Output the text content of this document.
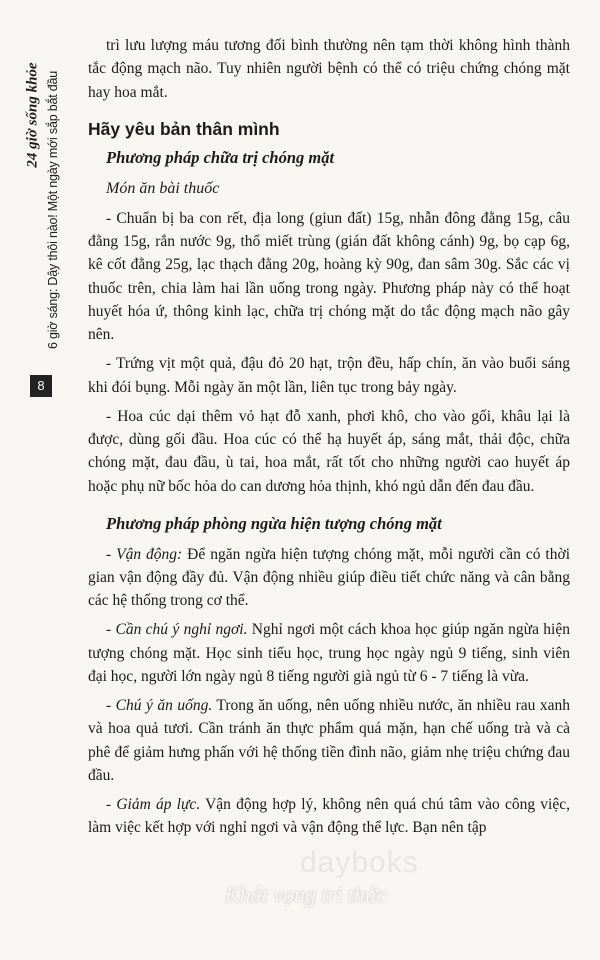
24 giờ sống khỏe 6 giờ sáng: Dậy thôi nào! Một ngày mới sắp bắt đầu
8

trì lưu lượng máu tương đối bình thường nên tạm thời không hình thành tắc động mạch não. Tuy nhiên người bệnh có thể có triệu chứng chóng mặt hay hoa mắt.

Hãy yêu bản thân mình

Phương pháp chữa trị chóng mặt

Món ăn bài thuốc

- Chuẩn bị ba con rết, địa long (giun đất) 15g, nhẫn đông đằng 15g, câu đằng 15g, rắn nước 9g, thổ miết trùng (gián đất không cánh) 9g, bọ cạp 6g, kê cốt đằng 25g, lạc thạch đằng 20g, hoàng kỳ 90g, đan sâm 30g. Sắc các vị thuốc trên, chia làm hai lần uống trong ngày. Phương pháp này có thể hoạt huyết hóa ứ, thông kinh lạc, chữa trị chóng mặt do tắc động mạch não gây nên.

- Trứng vịt một quả, đậu đỏ 20 hạt, trộn đều, hấp chín, ăn vào buổi sáng khi đói bụng. Mỗi ngày ăn một lần, liên tục trong bảy ngày.

- Hoa cúc dại thêm vỏ hạt đỗ xanh, phơi khô, cho vào gối, khâu lại là được, dùng gối đầu. Hoa cúc có thể hạ huyết áp, sáng mắt, thải độc, chữa chóng mặt, đau đầu, ù tai, hoa mắt, rất tốt cho những người cao huyết áp hoặc phụ nữ bốc hỏa do can dương hỏa thịnh, khó ngủ dẫn đến đau đầu.

Phương pháp phòng ngừa hiện tượng chóng mặt

- Vận động: Để ngăn ngừa hiện tượng chóng mặt, mỗi người cần có thời gian vận động đầy đủ. Vận động nhiều giúp điều tiết chức năng và cân bằng các hệ thống trong cơ thể.

- Cần chú ý nghỉ ngơi. Nghỉ ngơi một cách khoa học giúp ngăn ngừa hiện tượng chóng mặt. Học sinh tiểu học, trung học ngày ngủ 9 tiếng, sinh viên đại học, người lớn ngày ngủ 8 tiếng người già ngủ từ 6 - 7 tiếng là vừa.

- Chú ý ăn uống. Trong ăn uống, nên uống nhiều nước, ăn nhiều rau xanh và hoa quả tươi. Cần tránh ăn thực phẩm quá mặn, hạn chế uống trà và cà phê để giảm hưng phấn với hệ thống tiền đình não, giảm nhẹ triệu chứng đau đầu.

- Giảm áp lực. Vận động hợp lý, không nên quá chú tâm vào công việc, làm việc kết hợp với nghỉ ngơi và vận động thể lực. Bạn nên tập

dayboks
Khát vọng tri thức
